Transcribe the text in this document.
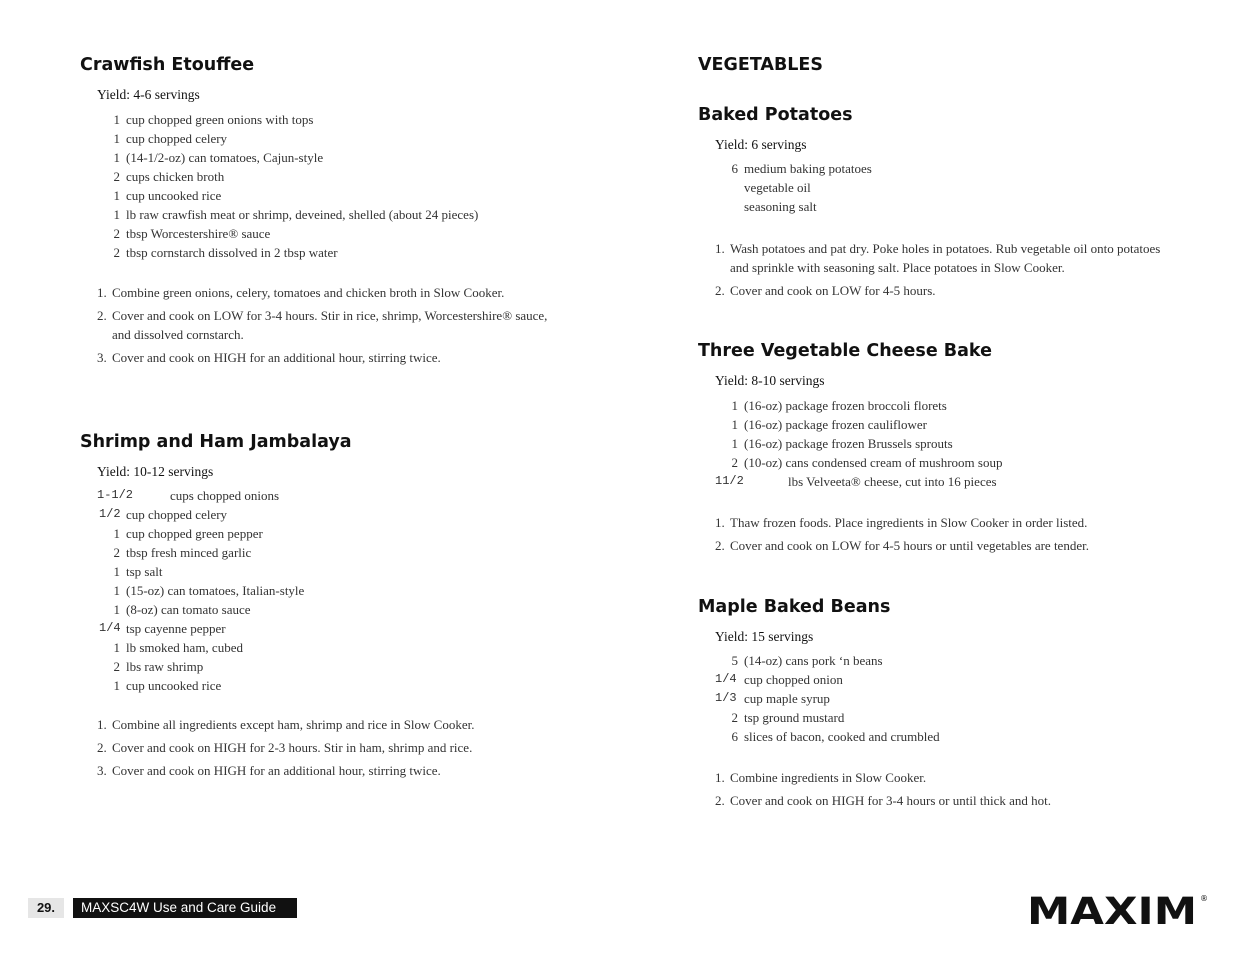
Crawfish Etouffee
Yield: 4-6 servings
1 cup chopped green onions with tops
1 cup chopped celery
1 (14-1/2-oz) can tomatoes, Cajun-style
2 cups chicken broth
1 cup uncooked rice
1 lb raw crawfish meat or shrimp, deveined, shelled (about 24 pieces)
2 tbsp Worcestershire® sauce
2 tbsp cornstarch dissolved in 2 tbsp water
1. Combine green onions, celery, tomatoes and chicken broth in Slow Cooker.
2. Cover and cook on LOW for 3-4 hours. Stir in rice, shrimp, Worcestershire® sauce, and dissolved cornstarch.
3. Cover and cook on HIGH for an additional hour, stirring twice.
Shrimp and Ham Jambalaya
Yield: 10-12 servings
1-1/2	cups chopped onions
1/2 cup chopped celery
1 cup chopped green pepper
2 tbsp fresh minced garlic
1 tsp salt
1 (15-oz) can tomatoes, Italian-style
1 (8-oz) can tomato sauce
1/4 tsp cayenne pepper
1 lb smoked ham, cubed
2 lbs raw shrimp
1 cup uncooked rice
1. Combine all ingredients except ham, shrimp and rice in Slow Cooker.
2. Cover and cook on HIGH for 2-3 hours. Stir in ham, shrimp and rice.
3. Cover and cook on HIGH for an additional hour, stirring twice.
VEGETABLES
Baked Potatoes
Yield: 6 servings
6 medium baking potatoes
vegetable oil
seasoning salt
1. Wash potatoes and pat dry. Poke holes in potatoes. Rub vegetable oil onto potatoes and sprinkle with seasoning salt. Place potatoes in Slow Cooker.
2. Cover and cook on LOW for 4-5 hours.
Three Vegetable Cheese Bake
Yield: 8-10 servings
1 (16-oz) package frozen broccoli florets
1 (16-oz) package frozen cauliflower
1 (16-oz) package frozen Brussels sprouts
2 (10-oz) cans condensed cream of mushroom soup
11/2	lbs Velveeta® cheese, cut into 16 pieces
1. Thaw frozen foods. Place ingredients in Slow Cooker in order listed.
2. Cover and cook on LOW for 4-5 hours or until vegetables are tender.
Maple Baked Beans
Yield: 15 servings
5 (14-oz) cans pork ‘n beans
1/4 cup chopped onion
1/3 cup maple syrup
2 tsp ground mustard
6 slices of bacon, cooked and crumbled
1. Combine ingredients in Slow Cooker.
2. Cover and cook on HIGH for 3-4 hours or until thick and hot.
29.	MAXSC4W Use and Care Guide	MAXIM ®
